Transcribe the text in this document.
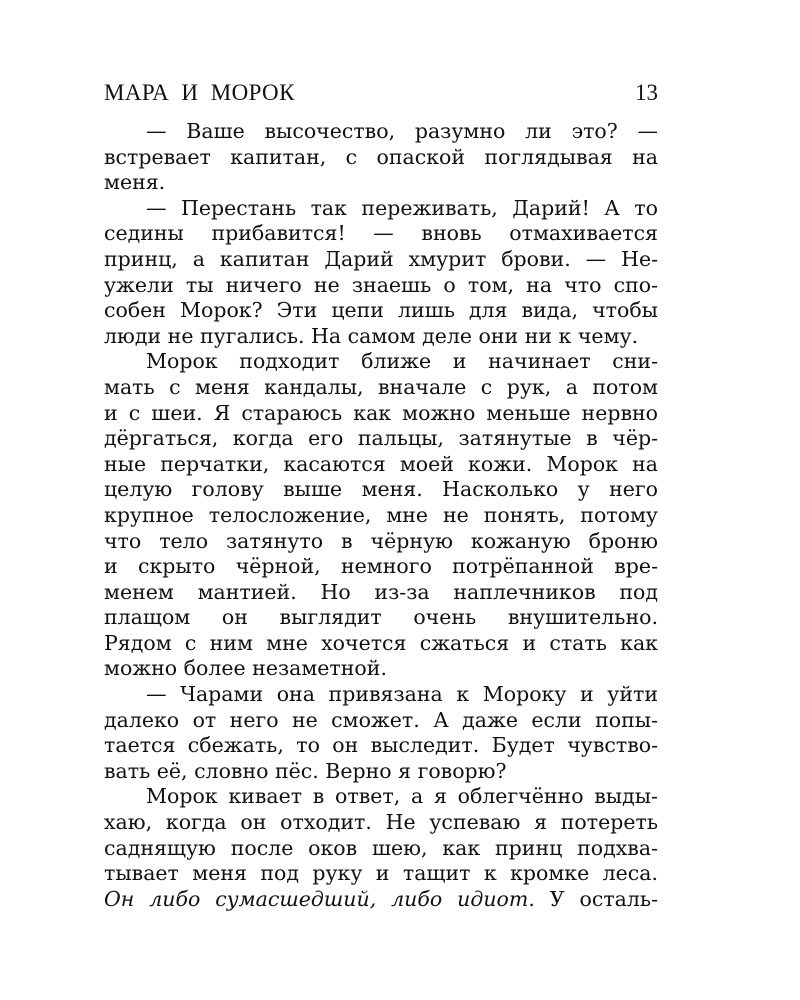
МАРА  И  МОРОК	13
— Ваше высочество, разумно ли это? —
встревает капитан, с опаской поглядывая на
меня.
— Перестань так переживать, Дарий! А то
седины прибавится! — вновь отмахивается
принц, а капитан Дарий хмурит брови. — Не-
ужели ты ничего не знаешь о том, на что спо-
собен Морок? Эти цепи лишь для вида, чтобы
люди не пугались. На самом деле они ни к чему.
Морок подходит ближе и начинает сни-
мать с меня кандалы, вначале с рук, а потом
и с шеи. Я стараюсь как можно меньше нервно
дёргаться, когда его пальцы, затянутые в чёр-
ные перчатки, касаются моей кожи. Морок на
целую голову выше меня. Насколько у него
крупное телосложение, мне не понять, потому
что тело затянуто в чёрную кожаную броню
и скрыто чёрной, немного потрёпанной вре-
менем мантией. Но из-за наплечников под
плащом он выглядит очень внушительно.
Рядом с ним мне хочется сжаться и стать как
можно более незаметной.
— Чарами она привязана к Мороку и уйти
далеко от него не сможет. А даже если попы-
тается сбежать, то он выследит. Будет чувство-
вать её, словно пёс. Верно я говорю?
Морок кивает в ответ, а я облегчённо выды-
хаю, когда он отходит. Не успеваю я потереть
саднящую после оков шею, как принц подхва-
тывает меня под руку и тащит к кромке леса.
Он либо сумасшедший, либо идиот. У осталь-
